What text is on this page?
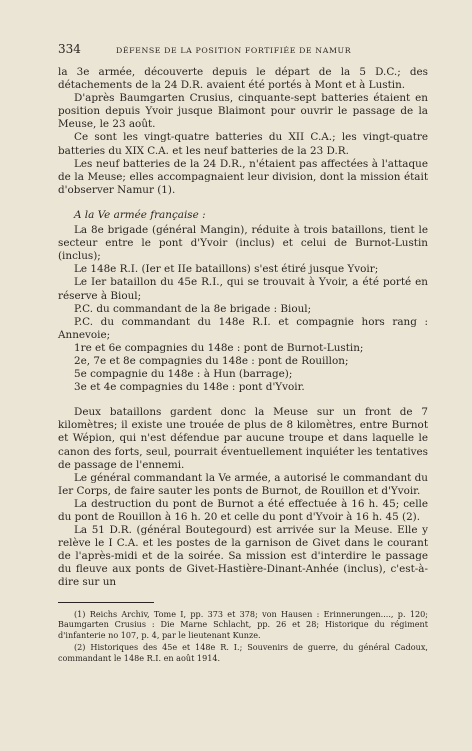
334	DÉFENSE DE LA POSITION FORTIFIÉE DE NAMUR

la 3e armée, découverte depuis le départ de la 5 D.C.; des détachements de la 24 D.R. avaient été portés à Mont et à Lustin.

D'après Baumgarten Crusius, cinquante-sept batteries étaient en position depuis Yvoir jusque Blaimont pour ouvrir le passage de la Meuse, le 23 août.

Ce sont les vingt-quatre batteries du XII C.A.; les vingt-quatre batteries du XIX C.A. et les neuf batteries de la 23 D.R.

Les neuf batteries de la 24 D.R., n'étaient pas affectées à l'attaque de la Meuse; elles accompagnaient leur division, dont la mission était d'observer Namur (1).

A la Ve armée française :

La 8e brigade (général Mangin), réduite à trois bataillons, tient le secteur entre le pont d'Yvoir (inclus) et celui de Burnot-Lustin (inclus);

Le 148e R.I. (Ier et IIe bataillons) s'est étiré jusque Yvoir;

Le Ier bataillon du 45e R.I., qui se trouvait à Yvoir, a été porté en réserve à Bioul;

P.C. du commandant de la 8e brigade : Bioul;

P.C. du commandant du 148e R.I. et compagnie hors rang : Annevoie;

1re et 6e compagnies du 148e : pont de Burnot-Lustin;

2e, 7e et 8e compagnies du 148e : pont de Rouillon;

5e compagnie du 148e : à Hun (barrage);

3e et 4e compagnies du 148e : pont d'Yvoir.

Deux bataillons gardent donc la Meuse sur un front de 7 kilomètres; il existe une trouée de plus de 8 kilomètres, entre Burnot et Wépion, qui n'est défendue par aucune troupe et dans laquelle le canon des forts, seul, pourrait éventuellement inquiéter les tentatives de passage de l'ennemi.

Le général commandant la Ve armée, a autorisé le commandant du Ier Corps, de faire sauter les ponts de Burnot, de Rouillon et d'Yvoir.

La destruction du pont de Burnot a été effectuée à 16 h. 45; celle du pont de Rouillon à 16 h. 20 et celle du pont d'Yvoir à 16 h. 45 (2).

La 51 D.R. (général Boutegourd) est arrivée sur la Meuse. Elle y relève le I C.A. et les postes de la garnison de Givet dans le courant de l'après-midi et de la soirée. Sa mission est d'interdire le passage du fleuve aux ponts de Givet-Hastière-Dinant-Anhée (inclus), c'est-à-dire sur un

(1) Reichs Archiv, Tome I, pp. 373 et 378; von Hausen : Erinnerungen...., p. 120; Baumgarten Crusius : Die Marne Schlacht, pp. 26 et 28; Historique du régiment d'infanterie no 107, p. 4, par le lieutenant Kunze.

(2) Historiques des 45e et 148e R. I.; Souvenirs de guerre, du général Cadoux, commandant le 148e R.I. en août 1914.
